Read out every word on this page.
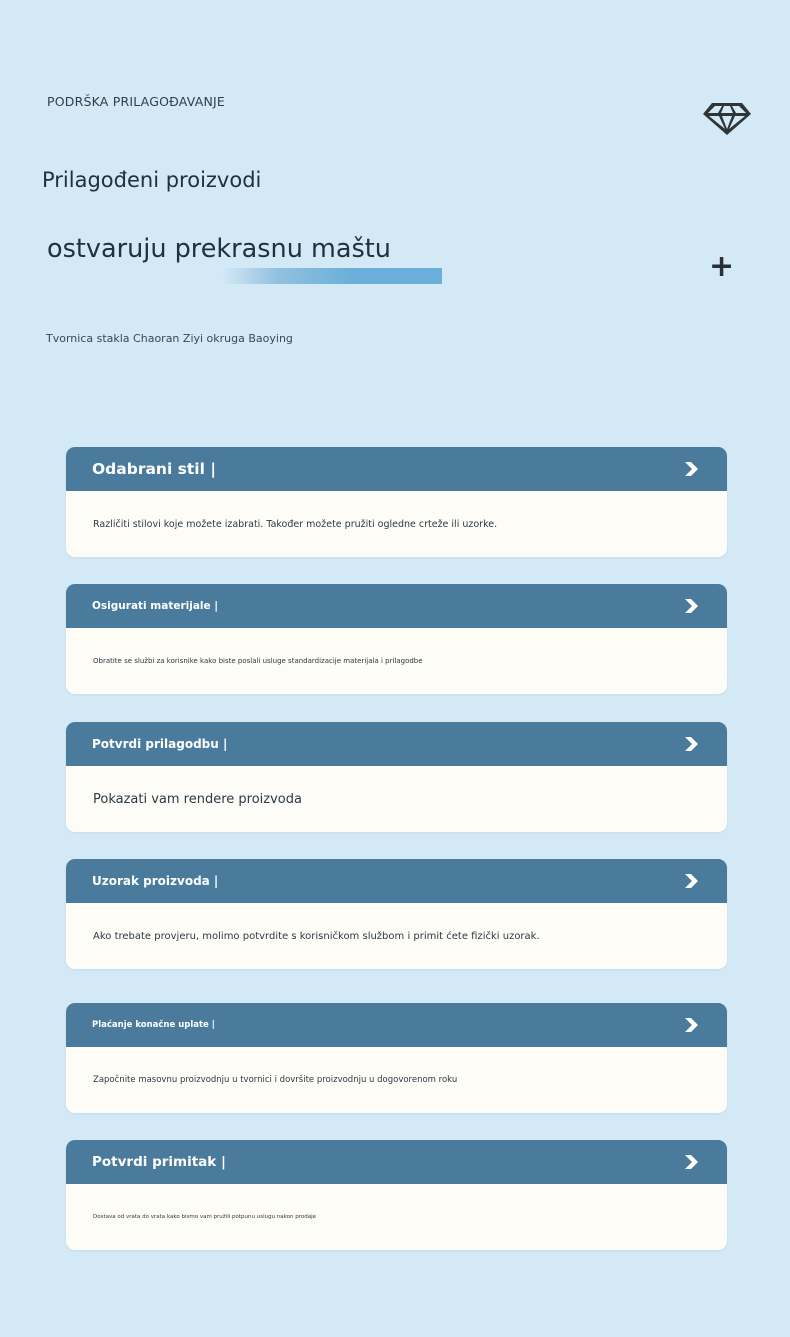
PODRŠKA PRILAGOĐAVANJE
Prilagođeni proizvodi
ostvaruju prekrasnu maštu	+
Tvornica stakla Chaoran Ziyi okruga Baoying
Odabrani stil |
Različiti stilovi koje možete izabrati. Također možete pružiti ogledne crteže ili uzorke.
Osigurati materijale |
Obratite se službi za korisnike kako biste poslali usluge standardizacije materijala i prilagodbe
Potvrdi prilagodbu |
Pokazati vam rendere proizvoda
Uzorak proizvoda |
Ako trebate provjeru, molimo potvrdite s korisničkom službom i primit ćete fizički uzorak.
Plaćanje konačne uplate |
Započnite masovnu proizvodnju u tvornici i dovršite proizvodnju u dogovorenom roku
Potvrdi primitak |
Dostava od vrata do vrata kako bismo vam pružili potpunu uslugu nakon prodaje
